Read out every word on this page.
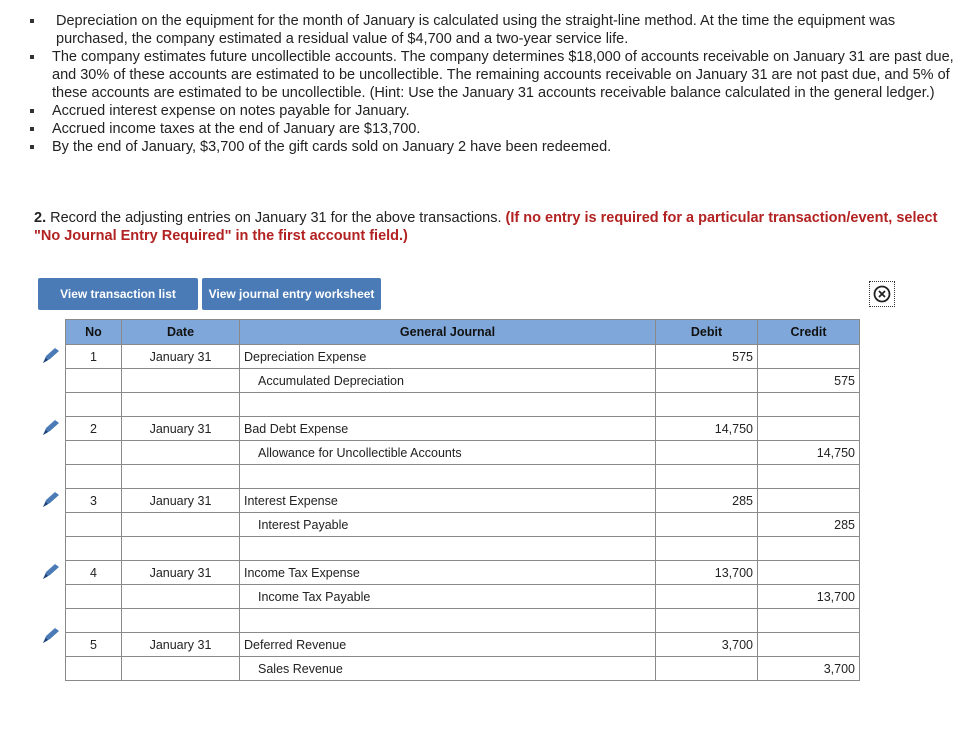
Depreciation on the equipment for the month of January is calculated using the straight-line method. At the time the equipment was purchased, the company estimated a residual value of $4,700 and a two-year service life.
The company estimates future uncollectible accounts. The company determines $18,000 of accounts receivable on January 31 are past due, and 30% of these accounts are estimated to be uncollectible. The remaining accounts receivable on January 31 are not past due, and 5% of these accounts are estimated to be uncollectible. (Hint: Use the January 31 accounts receivable balance calculated in the general ledger.)
Accrued interest expense on notes payable for January.
Accrued income taxes at the end of January are $13,700.
By the end of January, $3,700 of the gift cards sold on January 2 have been redeemed.
2. Record the adjusting entries on January 31 for the above transactions. (If no entry is required for a particular transaction/event, select "No Journal Entry Required" in the first account field.)
View transaction list	View journal entry worksheet
No	Date	General Journal	Debit	Credit
1	January 31	Depreciation Expense	575	
		Accumulated Depreciation		575

2	January 31	Bad Debt Expense	14,750	
		Allowance for Uncollectible Accounts		14,750

3	January 31	Interest Expense	285	
		Interest Payable		285

4	January 31	Income Tax Expense	13,700	
		Income Tax Payable		13,700

5	January 31	Deferred Revenue	3,700	
		Sales Revenue		3,700
